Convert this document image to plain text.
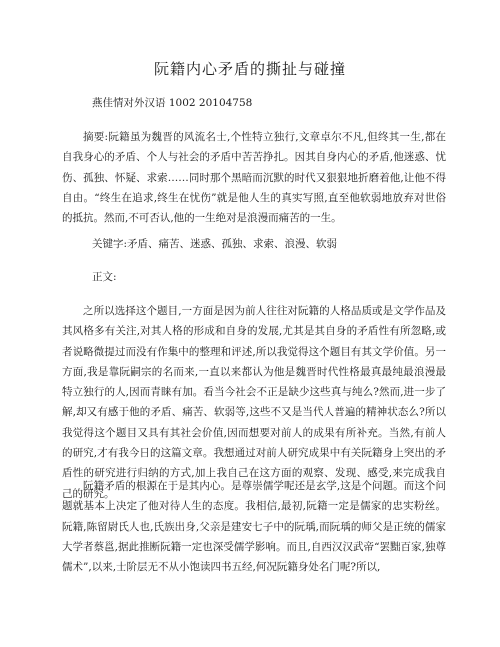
阮籍内心矛盾的撕扯与碰撞
燕佳情对外汉语 1002 20104758

摘要:阮籍虽为魏晋的风流名士,个性特立独行,文章卓尔不凡,但终其一生,都在自我身心的矛盾、个人与社会的矛盾中苦苦挣扎。因其自身内心的矛盾,他迷惑、忧伤、孤独、怀疑、求索……同时那个黑暗而沉默的时代又狠狠地折磨着他,让他不得自由。“终生在追求,终生在忧伤”就是他人生的真实写照,直至他软弱地放弃对世俗的抵抗。然而,不可否认,他的一生绝对是浪漫而痛苦的一生。

关键字:矛盾、痛苦、迷惑、孤独、求索、浪漫、软弱
正文:

之所以选择这个题目,一方面是因为前人往往对阮籍的人格品质或是文学作品及其风格多有关注,对其人格的形成和自身的发展,尤其是其自身的矛盾性有所忽略,或者说略微提过而没有作集中的整理和评述,所以我觉得这个题目有其文学价值。另一方面,我是靠阮嗣宗的名而来,一直以来都认为他是魏晋时代性格最真最纯最浪漫最特立独行的人,因而青睐有加。看当今社会不正是缺少这些真与纯么?然而,进一步了解,却又有感于他的矛盾、痛苦、软弱等,这些不又是当代人普遍的精神状态么?所以我觉得这个题目又具有其社会价值,因而想要对前人的成果有所补充。当然,有前人的研究,才有我今日的这篇文章。我想通过对前人研究成果中有关阮籍身上突出的矛盾性的研究进行归纳的方式,加上我自己在这方面的观察、发现、感受,来完成我自己的研究。

阮籍矛盾的根源在于是其内心。是尊崇儒学呢还是玄学,这是个问题。而这个问题就基本上决定了他对待人生的态度。我相信,最初,阮籍一定是儒家的忠实粉丝。阮籍,陈留尉氏人也,氏族出身,父亲是建安七子中的阮瑀,而阮瑀的师父是正统的儒家大学者蔡邕,据此推断阮籍一定也深受儒学影响。而且,自西汉汉武帝“罢黜百家,独尊儒术”,以来,士阶层无不从小饱读四书五经,何况阮籍身处名门呢?所以,
